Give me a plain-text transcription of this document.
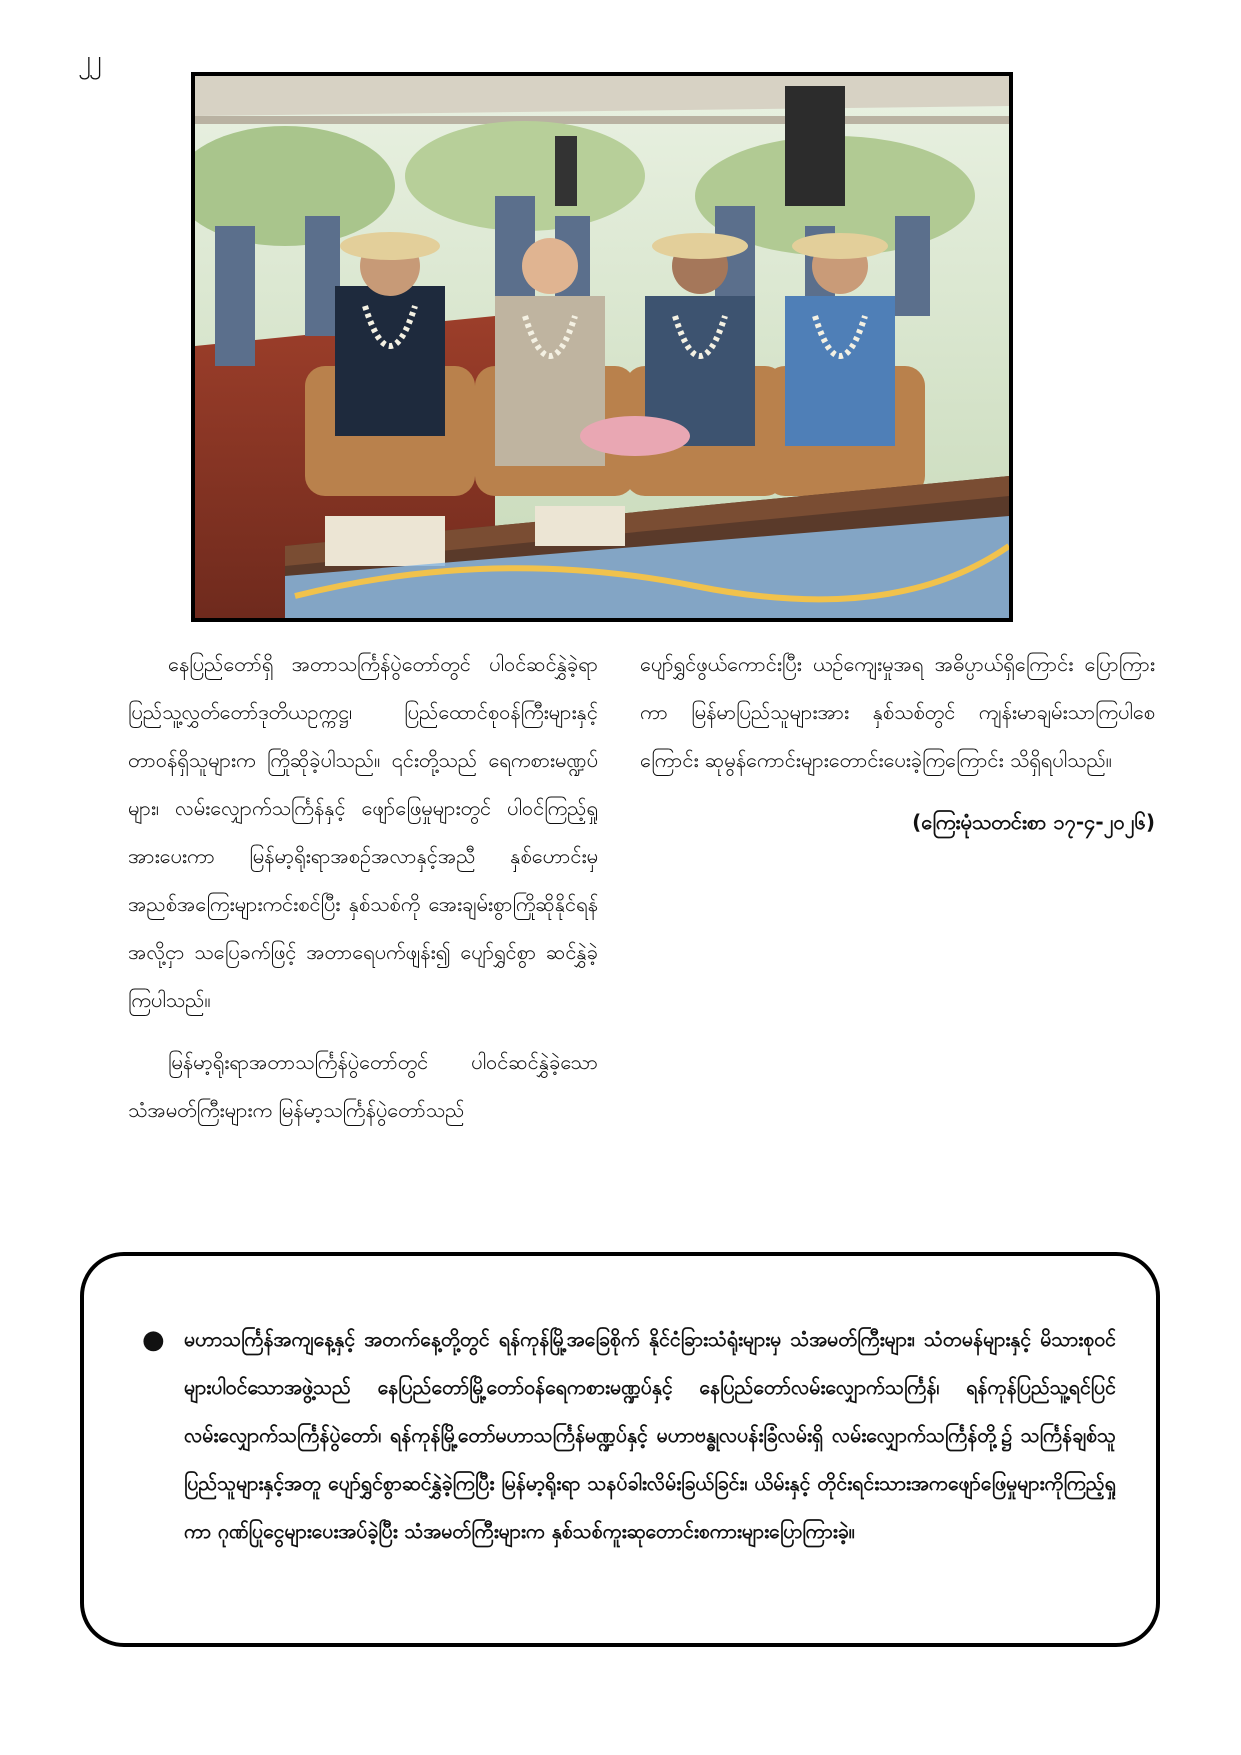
၂၂

နေပြည်တော်ရှိ အတာသင်္ကြန်ပွဲတော်တွင် ပါဝင်ဆင်နွှဲခဲ့ရာ ပြည်သူ့လွှတ်တော်ဒုတိယဥက္ကဋ္ဌ၊ ပြည်ထောင်စုဝန်ကြီးများနှင့်တာဝန်ရှိသူများက ကြိုဆိုခဲ့ပါသည်။ ၎င်းတို့သည် ရေကစားမဏ္ဍပ်များ၊ လမ်းလျှောက်သင်္ကြန်နှင့် ဖျော်ဖြေမှုများတွင် ပါဝင်ကြည့်ရှုအားပေးကာ မြန်မာ့ရိုးရာအစဉ်အလာနှင့်အညီ နှစ်ဟောင်းမှ အညစ်အကြေးများကင်းစင်ပြီး နှစ်သစ်ကို အေးချမ်းစွာကြိုဆိုနိုင်ရန် အလို့ငှာ သပြေခက်ဖြင့် အတာရေပက်ဖျန်း၍ ပျော်ရွှင်စွာ ဆင်နွှဲခဲ့ကြပါသည်။

မြန်မာ့ရိုးရာအတာသင်္ကြန်ပွဲတော်တွင် ပါဝင်ဆင်နွှဲခဲ့သော သံအမတ်ကြီးများက မြန်မာ့သင်္ကြန်ပွဲတော်သည်

ပျော်ရွှင်ဖွယ်ကောင်းပြီး ယဉ်ကျေးမှုအရ အဓိပ္ပာယ်ရှိကြောင်း ပြောကြားကာ မြန်မာပြည်သူများအား နှစ်သစ်တွင် ကျန်းမာချမ်းသာကြပါစေကြောင်း ဆုမွန်ကောင်းများတောင်းပေးခဲ့ကြကြောင်း သိရှိရပါသည်။

(ကြေးမုံသတင်းစာ ၁၇-၄-၂၀၂၆)
● မဟာသင်္ကြန်အကျနေ့နှင့် အတက်နေ့တို့တွင် ရန်ကုန်မြို့အခြေစိုက် နိုင်ငံခြားသံရုံးများမှ သံအမတ်ကြီးများ၊ သံတမန်များနှင့် မိသားစုဝင်များပါဝင်သောအဖွဲ့သည် နေပြည်တော်မြို့တော်ဝန်ရေကစားမဏ္ဍပ်နှင့် နေပြည်တော်လမ်းလျှောက်သင်္ကြန်၊ ရန်ကုန်ပြည်သူ့ရင်ပြင်လမ်းလျှောက်သင်္ကြန်ပွဲတော်၊ ရန်ကုန်မြို့တော်မဟာသင်္ကြန်မဏ္ဍပ်နှင့် မဟာဗန္ဓုလပန်းခြံလမ်းရှိ လမ်းလျှောက်သင်္ကြန်တို့၌ သင်္ကြန်ချစ်သူ ပြည်သူများနှင့်အတူ ပျော်ရွှင်စွာဆင်နွှဲခဲ့ကြပြီး မြန်မာ့ရိုးရာ သနပ်ခါးလိမ်းခြယ်ခြင်း၊ ယိမ်းနှင့် တိုင်းရင်းသားအကဖျော်ဖြေမှုများကိုကြည့်ရှုကာ ဂုဏ်ပြုငွေများပေးအပ်ခဲ့ပြီး သံအမတ်ကြီးများက နှစ်သစ်ကူးဆုတောင်းစကားများပြောကြားခဲ့။
